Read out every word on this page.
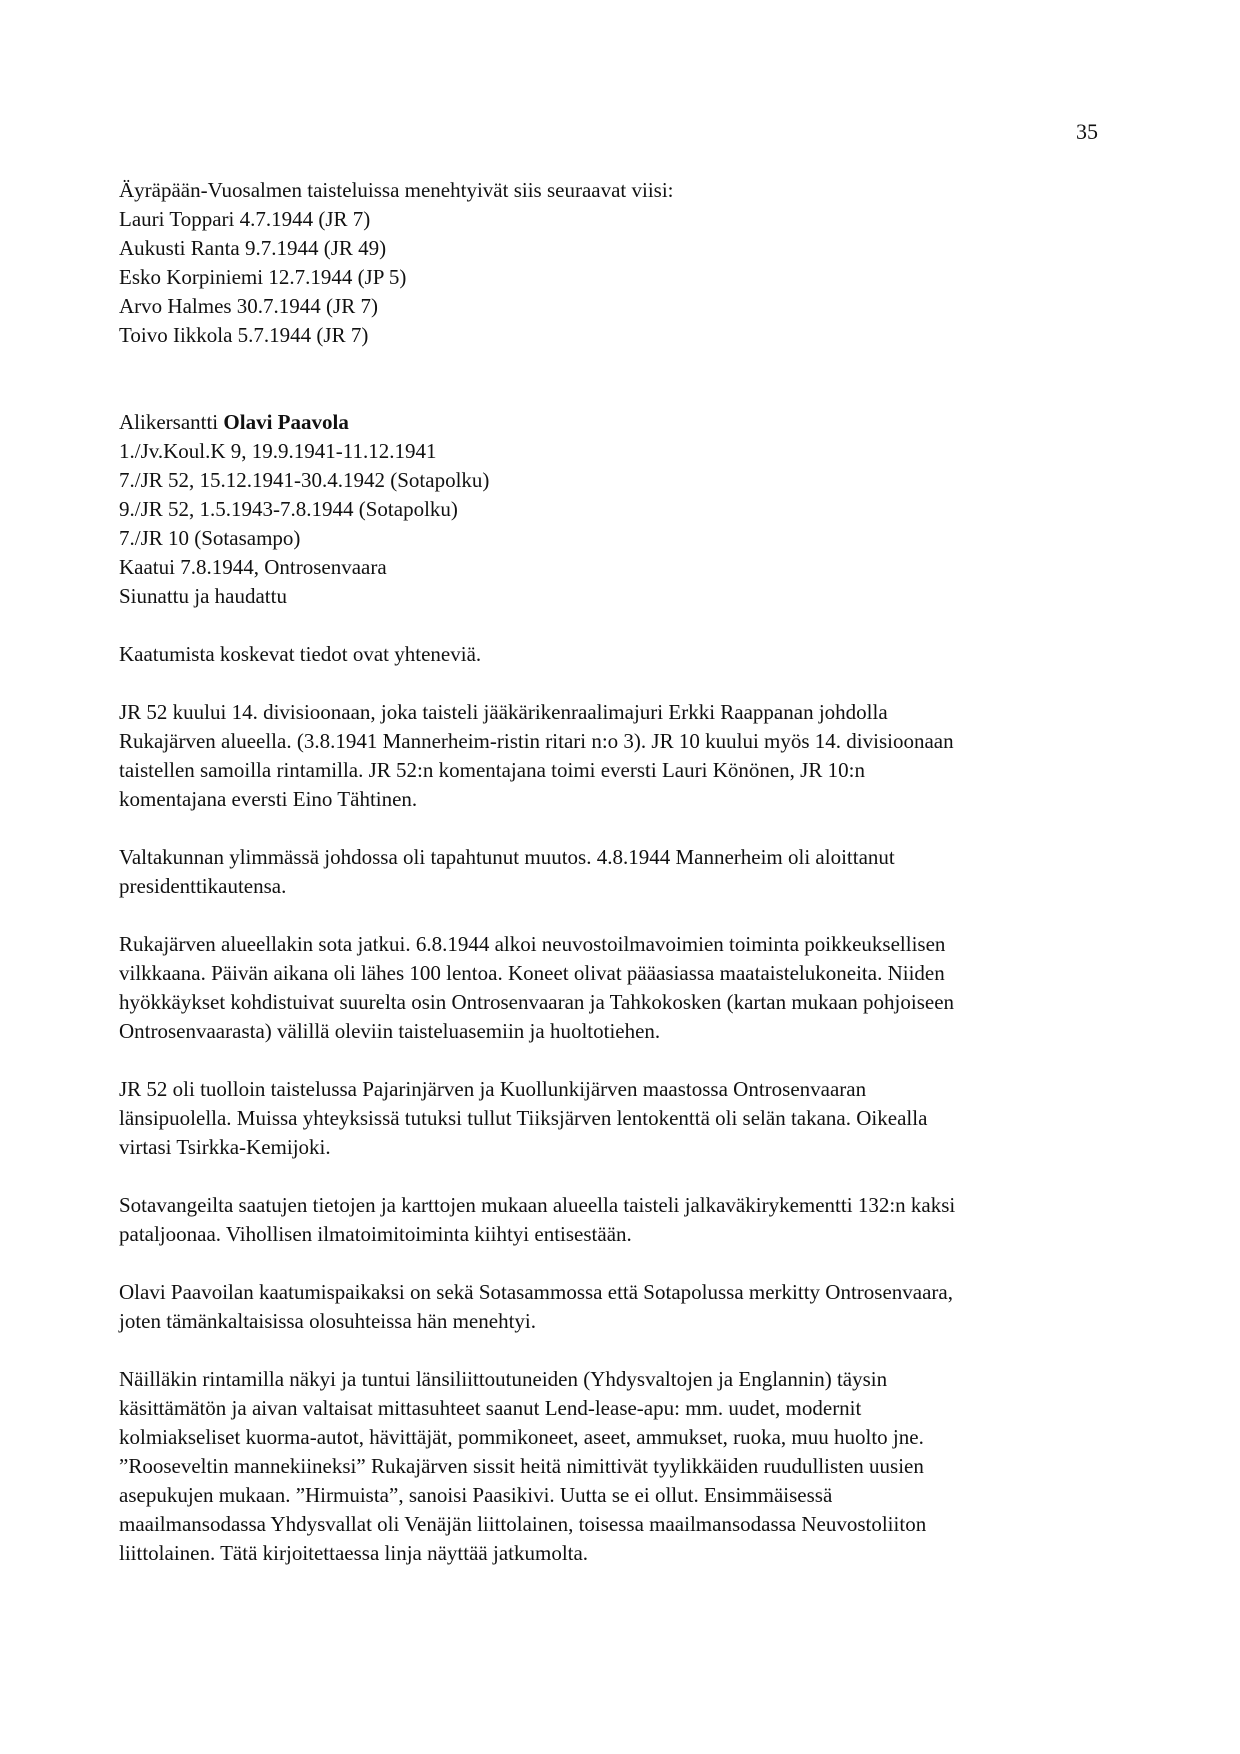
35
Äyräpään-Vuosalmen taisteluissa menehtyivät siis seuraavat viisi:
Lauri Toppari 4.7.1944 (JR 7)
Aukusti Ranta 9.7.1944 (JR 49)
Esko Korpiniemi 12.7.1944 (JP 5)
Arvo Halmes 30.7.1944 (JR 7)
Toivo Iikkola 5.7.1944 (JR 7)
Alikersantti Olavi Paavola
1./Jv.Koul.K 9, 19.9.1941-11.12.1941
7./JR 52, 15.12.1941-30.4.1942 (Sotapolku)
9./JR 52, 1.5.1943-7.8.1944 (Sotapolku)
7./JR 10 (Sotasampo)
Kaatui 7.8.1944, Ontrosenvaara
Siunattu ja haudattu
Kaatumista koskevat tiedot ovat yhteneviä.
JR 52 kuului 14. divisioonaan, joka taisteli jääkärikenraalimajuri Erkki Raappanan johdolla
Rukajärven alueella. (3.8.1941 Mannerheim-ristin ritari n:o 3). JR 10 kuului myös 14. divisioonaan
taistellen samoilla rintamilla. JR 52:n komentajana toimi eversti Lauri Könönen, JR 10:n
komentajana eversti Eino Tähtinen.
Valtakunnan ylimmässä johdossa oli tapahtunut muutos. 4.8.1944 Mannerheim oli aloittanut
presidenttikautensa.
Rukajärven alueellakin sota jatkui. 6.8.1944 alkoi neuvostoilmavoimien toiminta poikkeuksellisen
vilkkaana. Päivän aikana oli lähes 100 lentoa. Koneet olivat pääasiassa maataistelukoneita. Niiden
hyökkäykset kohdistuivat suurelta osin Ontrosenvaaran ja Tahkokosken (kartan mukaan pohjoiseen
Ontrosenvaarasta) välillä oleviin taisteluasemiin ja huoltotiehen.
JR 52 oli tuolloin taistelussa Pajarinjärven ja Kuollunkijärven maastossa Ontrosenvaaran
länsipuolella. Muissa yhteyksissä tutuksi tullut Tiiksjärven lentokenttä oli selän takana. Oikealla
virtasi Tsirkka-Kemijoki.
Sotavangeilta saatujen tietojen ja karttojen mukaan alueella taisteli jalkaväkirykementti 132:n kaksi
pataljoonaa. Vihollisen ilmatoimitoiminta kiihtyi entisestään.
Olavi Paavoilan kaatumispaikaksi on sekä Sotasammossa että Sotapolussa merkitty Ontrosenvaara,
joten tämänkaltaisissa olosuhteissa hän menehtyi.
Näilläkin rintamilla näkyi ja tuntui länsiliittoutuneiden (Yhdysvaltojen ja Englannin) täysin
käsittämätön ja aivan valtaisat mittasuhteet saanut Lend-lease-apu: mm. uudet, modernit
kolmiakseliset kuorma-autot, hävittäjät, pommikoneet, aseet, ammukset, ruoka, muu huolto jne.
”Rooseveltin mannekiineksi” Rukajärven sissit heitä nimittivät tyylikkäiden ruudullisten uusien
asepukujen mukaan. ”Hirmuista”, sanoisi Paasikivi. Uutta se ei ollut. Ensimmäisessä
maailmansodassa Yhdysvallat oli Venäjän liittolainen, toisessa maailmansodassa Neuvostoliiton
liittolainen. Tätä kirjoitettaessa linja näyttää jatkumolta.
